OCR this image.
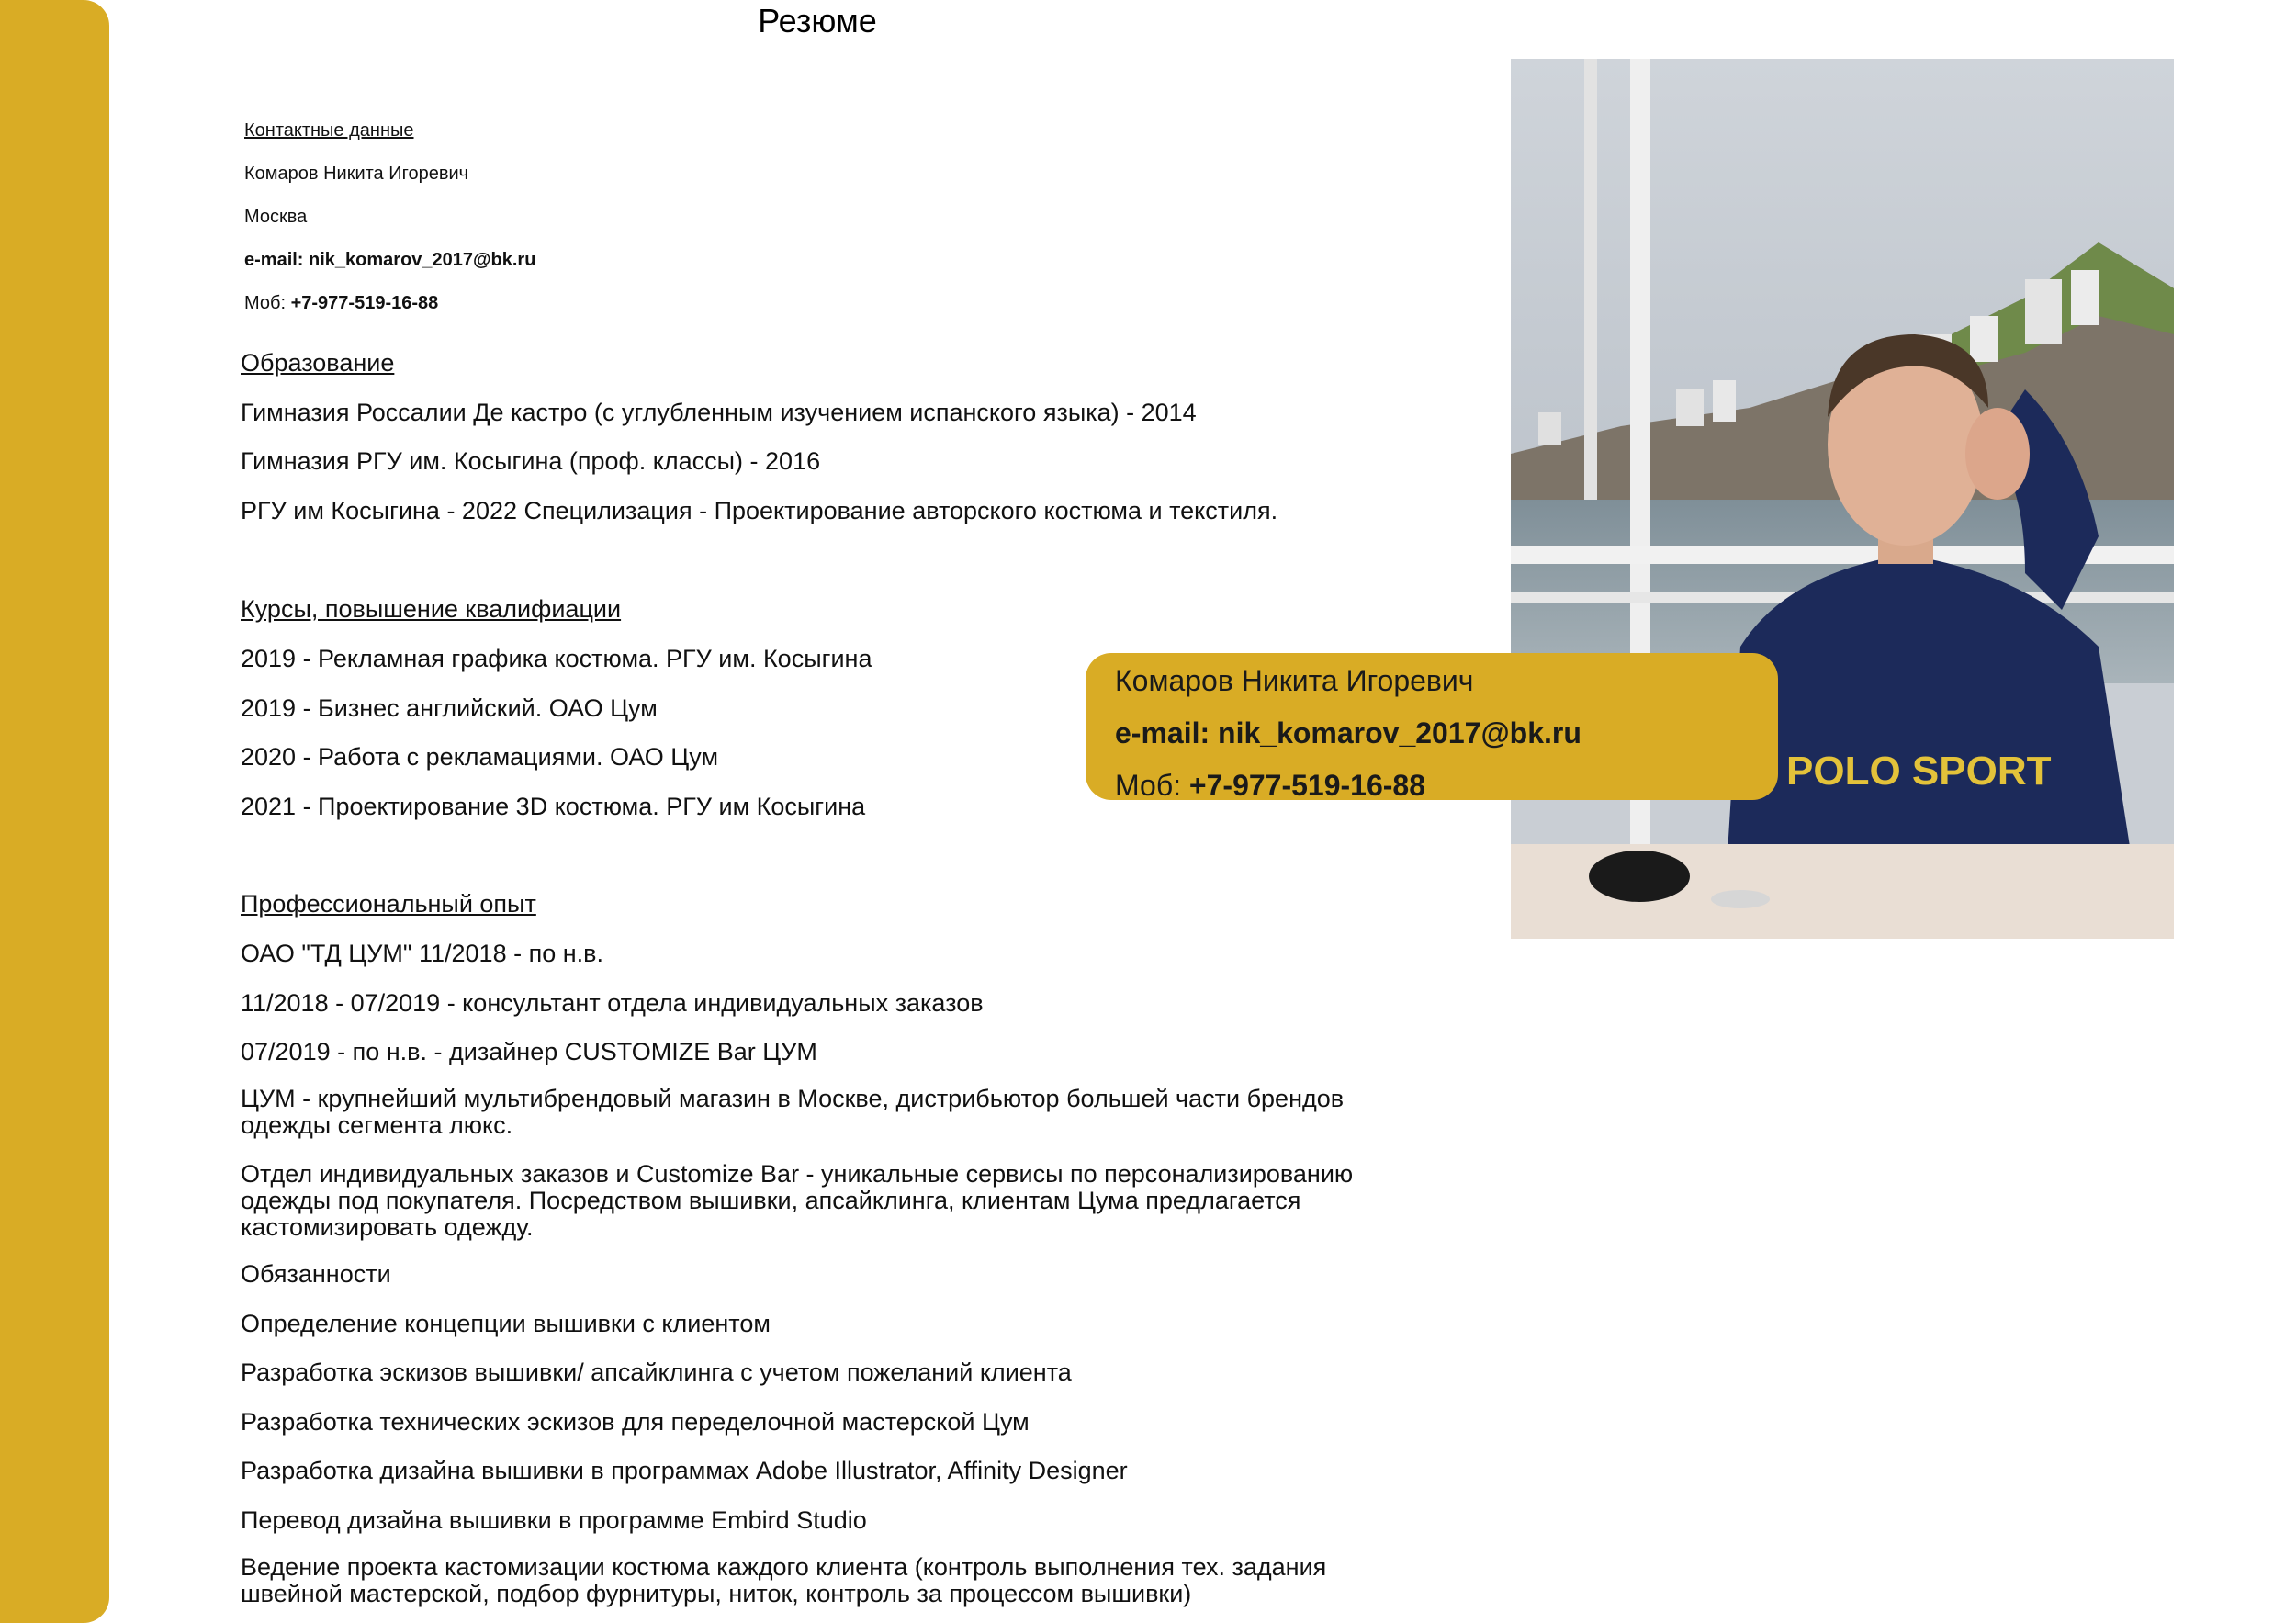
Резюме
Контактные данные
Комаров Никита Игоревич
Москва
e-mail: nik_komarov_2017@bk.ru
Моб: +7-977-519-16-88
Образование
Гимназия Россалии Де кастро (с углубленным изучением испанского языка) - 2014
Гимназия РГУ им. Косыгина (проф. классы) - 2016
РГУ им Косыгина - 2022 Специлизация - Проектирование авторского костюма и текстиля.
Курсы, повышение квалифиации
2019 - Рекламная графика костюма. РГУ им. Косыгина
2019 - Бизнес английский. ОАО Цум
2020 - Работа с рекламациями. ОАО Цум
2021 - Проектирование 3D костюма. РГУ им Косыгина
Профессиональный опыт
ОАО "ТД ЦУМ" 11/2018 - по н.в.
11/2018 - 07/2019 - консультант отдела индивидуальных заказов
07/2019 - по н.в. - дизайнер CUSTOMIZE Bar ЦУМ
ЦУМ - крупнейший мультибрендовый магазин в Москве, дистрибьютор большей части брендов
одежды сегмента люкс.
Отдел индивидуальных заказов и Customize Bar - уникальные сервисы по персонализированию
одежды под покупателя. Посредством вышивки, апсайклинга, клиентам Цума предлагается
кастомизировать одежду.
Обязанности
Определение концепции вышивки с клиентом
Разработка эскизов вышивки/ апсайклинга с учетом пожеланий клиента
Разработка технических эскизов для переделочной мастерской Цум
Разработка дизайна вышивки в программах Adobe Illustrator, Affinity Designer
Перевод дизайна вышивки в программе Embird Studio
Ведение проекта кастомизации костюма каждого клиента (контроль выполнения тех. задания
швейной мастерской, подбор фурнитуры, ниток, контроль за процессом вышивки)
POLO SPORT
Комаров Никита Игоревич
e-mail: nik_komarov_2017@bk.ru
Моб: +7-977-519-16-88
